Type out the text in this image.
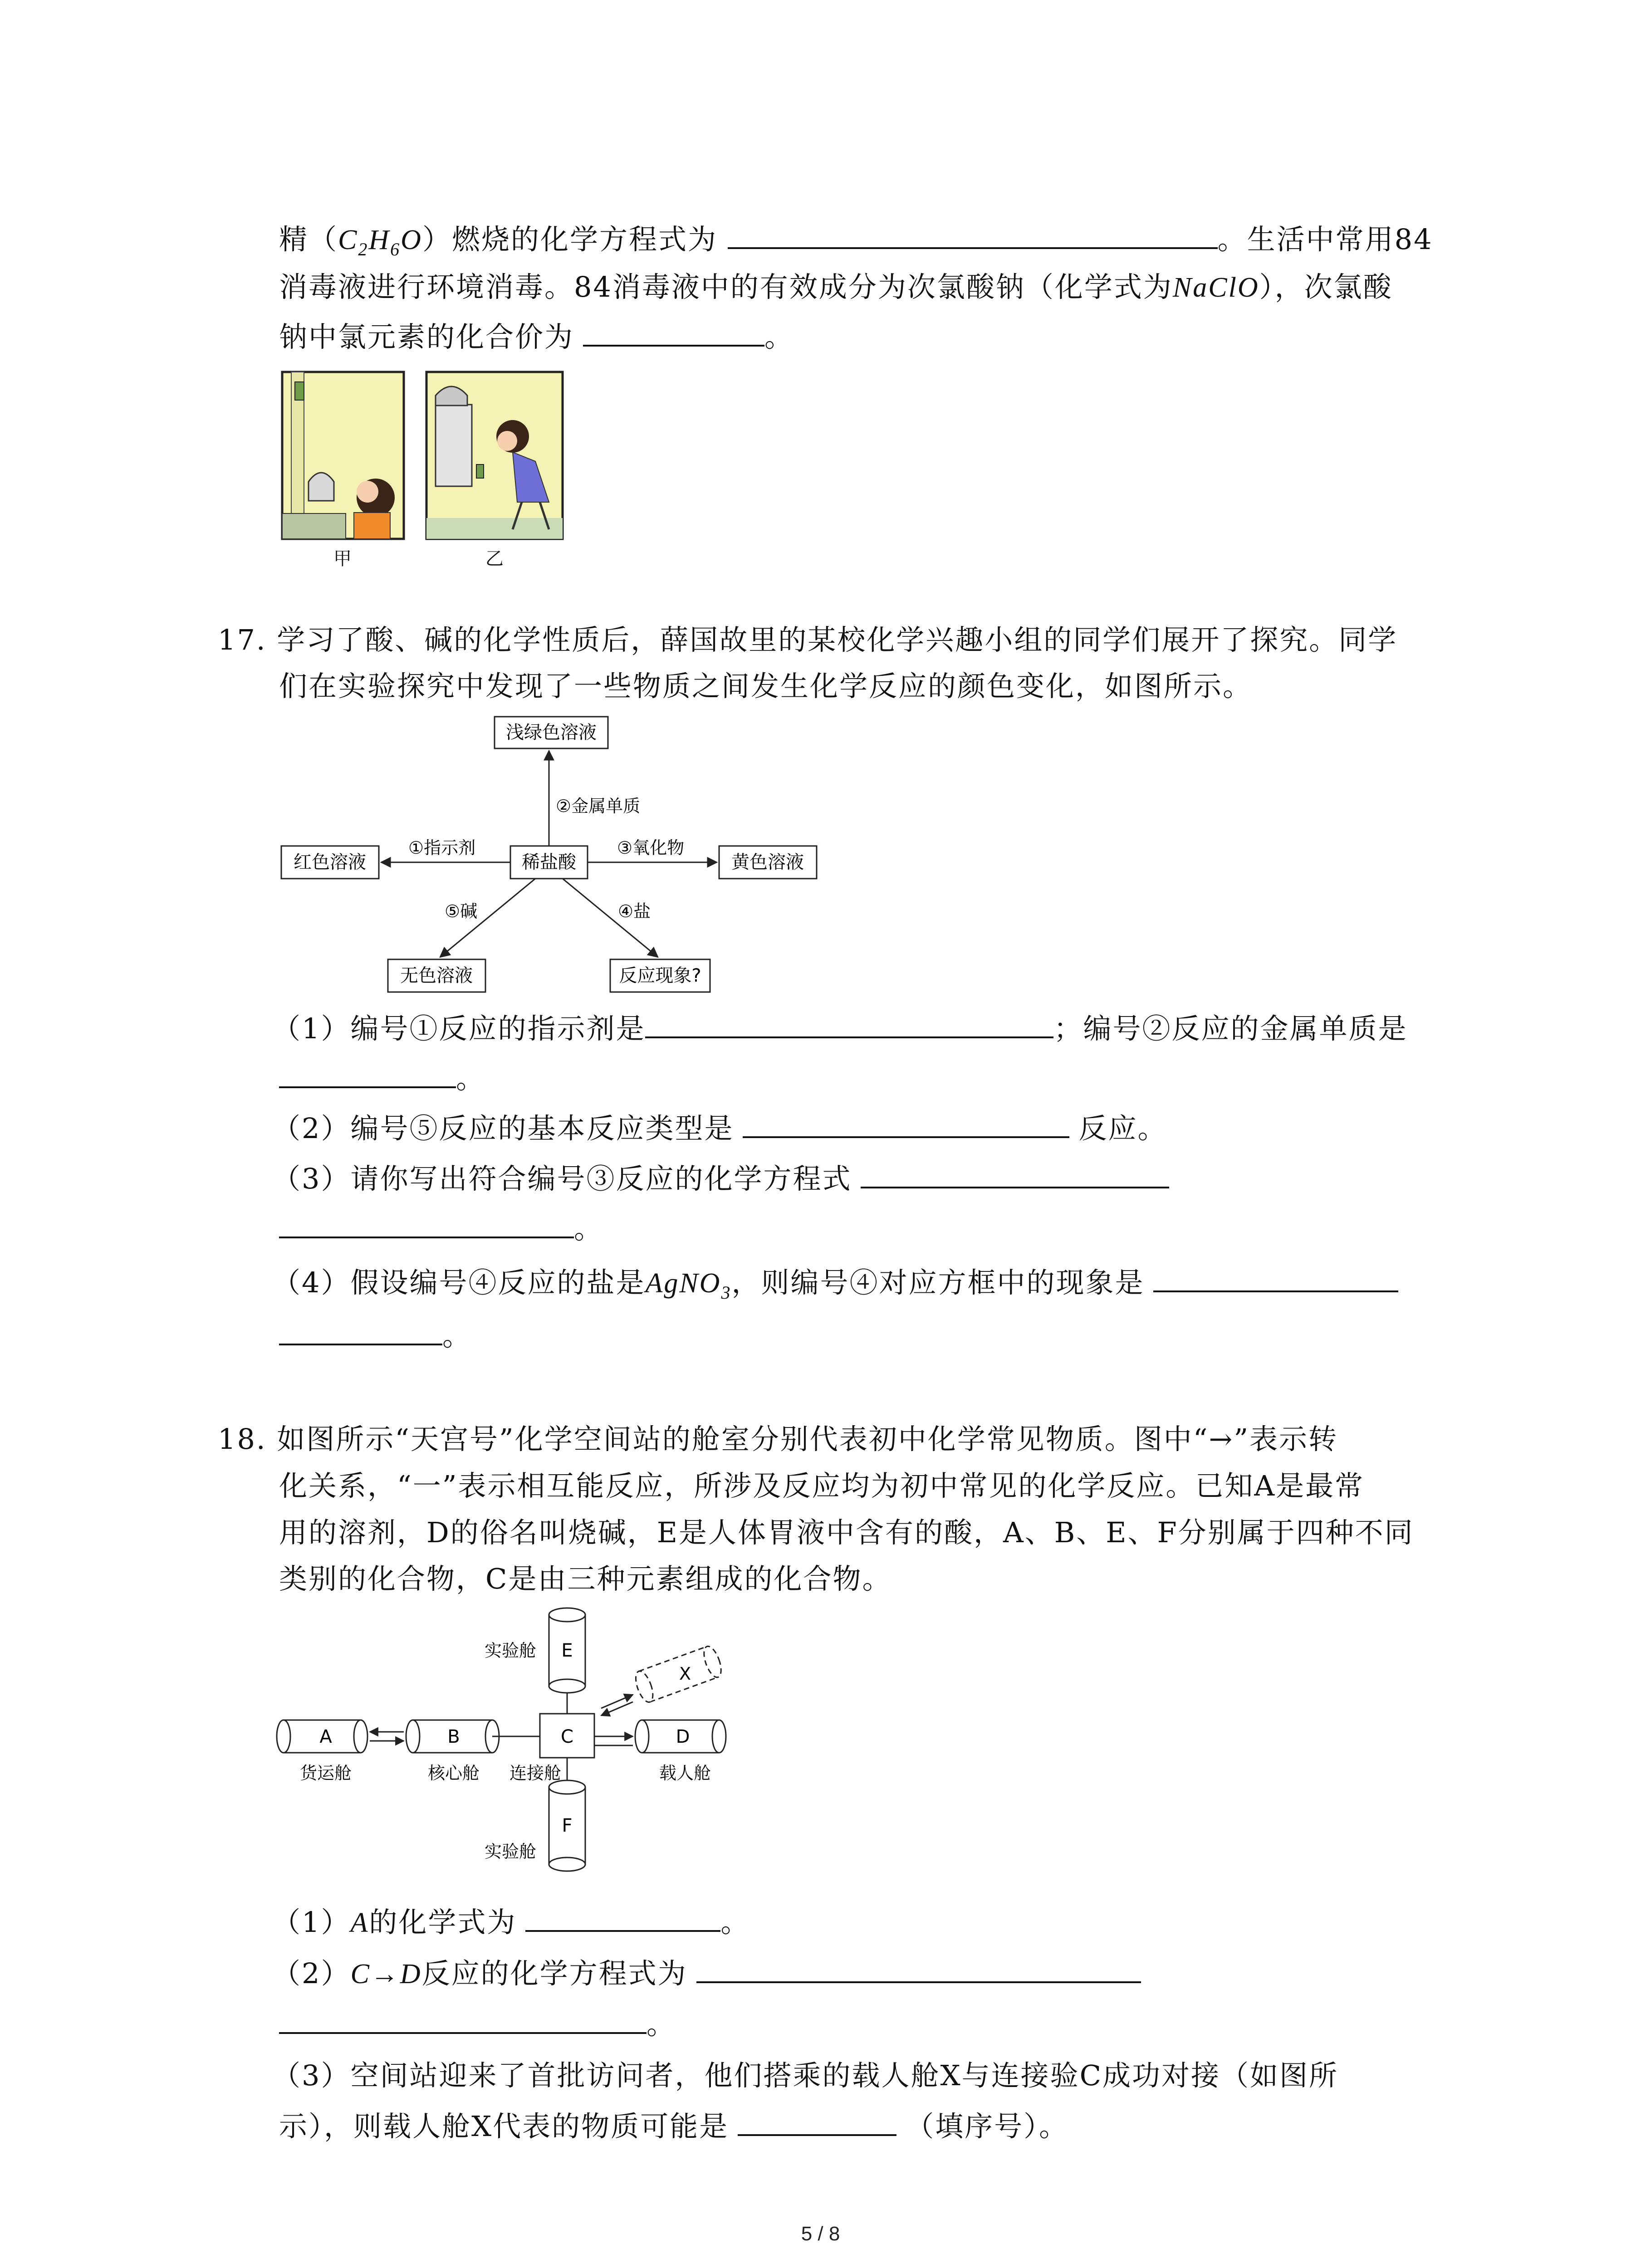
精$(C_2H_6O)$燃烧的化学方程式为	。生活中常用84
消毒液进行环境消毒。84消毒液中的有效成分为次氯酸钠（化学式为NaClO），次氯酸
钠中氯元素的化合价为	。
甲	乙
17. 学习了酸、碱的化学性质后，薛国故里的某校化学兴趣小组的同学们展开了探究。同学
们在实验探究中发现了一些物质之间发生化学反应的颜色变化，如图所示。
浅绿色溶液
稀盐酸
红色溶液	黄色溶液
无色溶液	反应现象?
②金属单质
①指示剂	③氧化物
⑤碱	④盐
（1）编号①反应的指示剂是	；编号②反应的金属单质是
。
（2）编号⑤反应的基本反应类型是	反应。
（3）请你写出符合编号③反应的化学方程式
。
（4）假设编号④反应的盐是AgNO$_3$，则编号④对应方框中的现象是
。
18. 如图所示“天宫号”化学空间站的舱室分别代表初中化学常见物质。图中“→”表示转
化关系，“一”表示相互能反应，所涉及反应均为初中常见的化学反应。已知A是最常
用的溶剂，D的俗名叫烧碱，E是人体胃液中含有的酸，A、B、E、F分别属于四种不同
类别的化合物，C是由三种元素组成的化合物。
A	B	C	D
E
F
X
货运舱	核心舱 连接舱	载人舱
实验舱
实验舱
（1）A的化学式为	。
（2）C→D反应的化学方程式为
。
（3）空间站迎来了首批访问者，他们搭乘的载人舱X与连接验C成功对接（如图所
示），则载人舱X代表的物质可能是	（填序号）。
5 / 8
